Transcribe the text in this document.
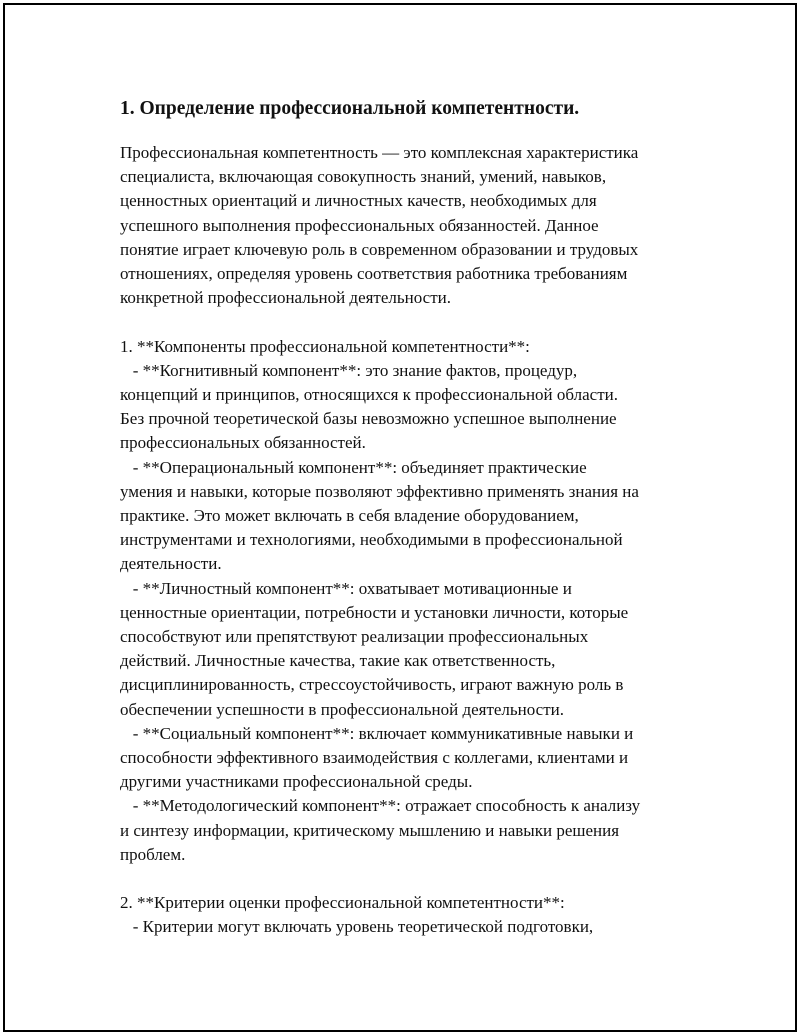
1. Определение профессиональной компетентности.
Профессиональная компетентность — это комплексная характеристика
специалиста, включающая совокупность знаний, умений, навыков,
ценностных ориентаций и личностных качеств, необходимых для
успешного выполнения профессиональных обязанностей. Данное
понятие играет ключевую роль в современном образовании и трудовых
отношениях, определяя уровень соответствия работника требованиям
конкретной профессиональной деятельности.
1. **Компоненты профессиональной компетентности**:
- **Когнитивный компонент**: это знание фактов, процедур,
концепций и принципов, относящихся к профессиональной области.
Без прочной теоретической базы невозможно успешное выполнение
профессиональных обязанностей.
- **Операциональный компонент**: объединяет практические
умения и навыки, которые позволяют эффективно применять знания на
практике. Это может включать в себя владение оборудованием,
инструментами и технологиями, необходимыми в профессиональной
деятельности.
- **Личностный компонент**: охватывает мотивационные и
ценностные ориентации, потребности и установки личности, которые
способствуют или препятствуют реализации профессиональных
действий. Личностные качества, такие как ответственность,
дисциплинированность, стрессоустойчивость, играют важную роль в
обеспечении успешности в профессиональной деятельности.
- **Социальный компонент**: включает коммуникативные навыки и
способности эффективного взаимодействия с коллегами, клиентами и
другими участниками профессиональной среды.
- **Методологический компонент**: отражает способность к анализу
и синтезу информации, критическому мышлению и навыки решения
проблем.
2. **Критерии оценки профессиональной компетентности**:
- Критерии могут включать уровень теоретической подготовки,
